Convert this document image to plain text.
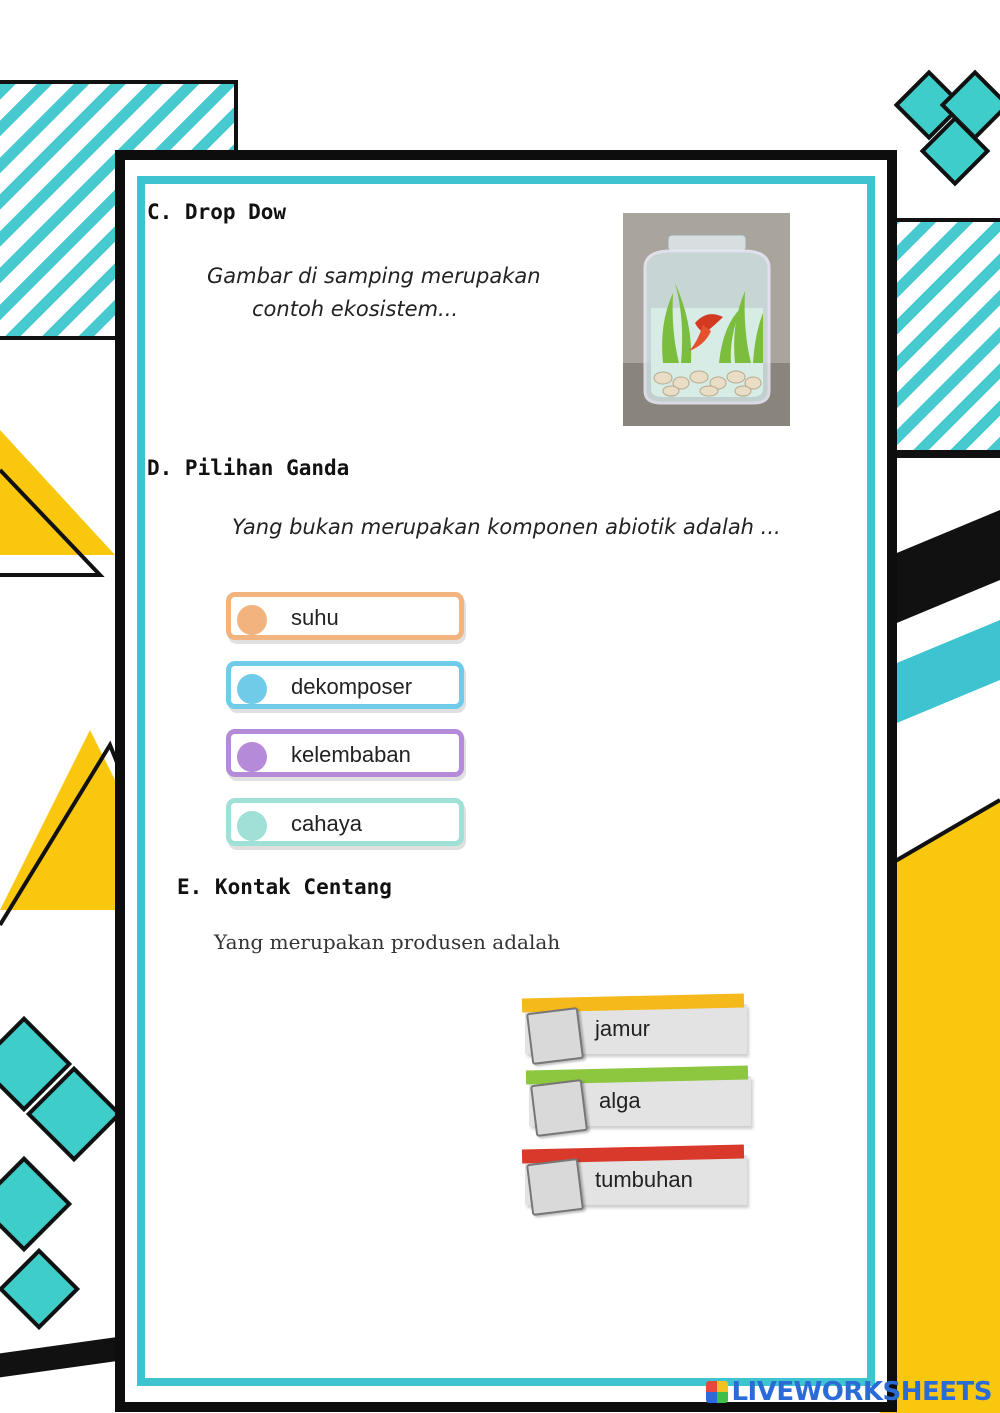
C. Drop Dow
Gambar di samping merupakan
contoh ekosistem...
D. Pilihan Ganda
Yang bukan merupakan komponen abiotik adalah ...
suhu
dekomposer
kelembaban
cahaya
E. Kontak Centang
Yang merupakan produsen adalah
jamur
alga
tumbuhan
LIVEWORKSHEETS
